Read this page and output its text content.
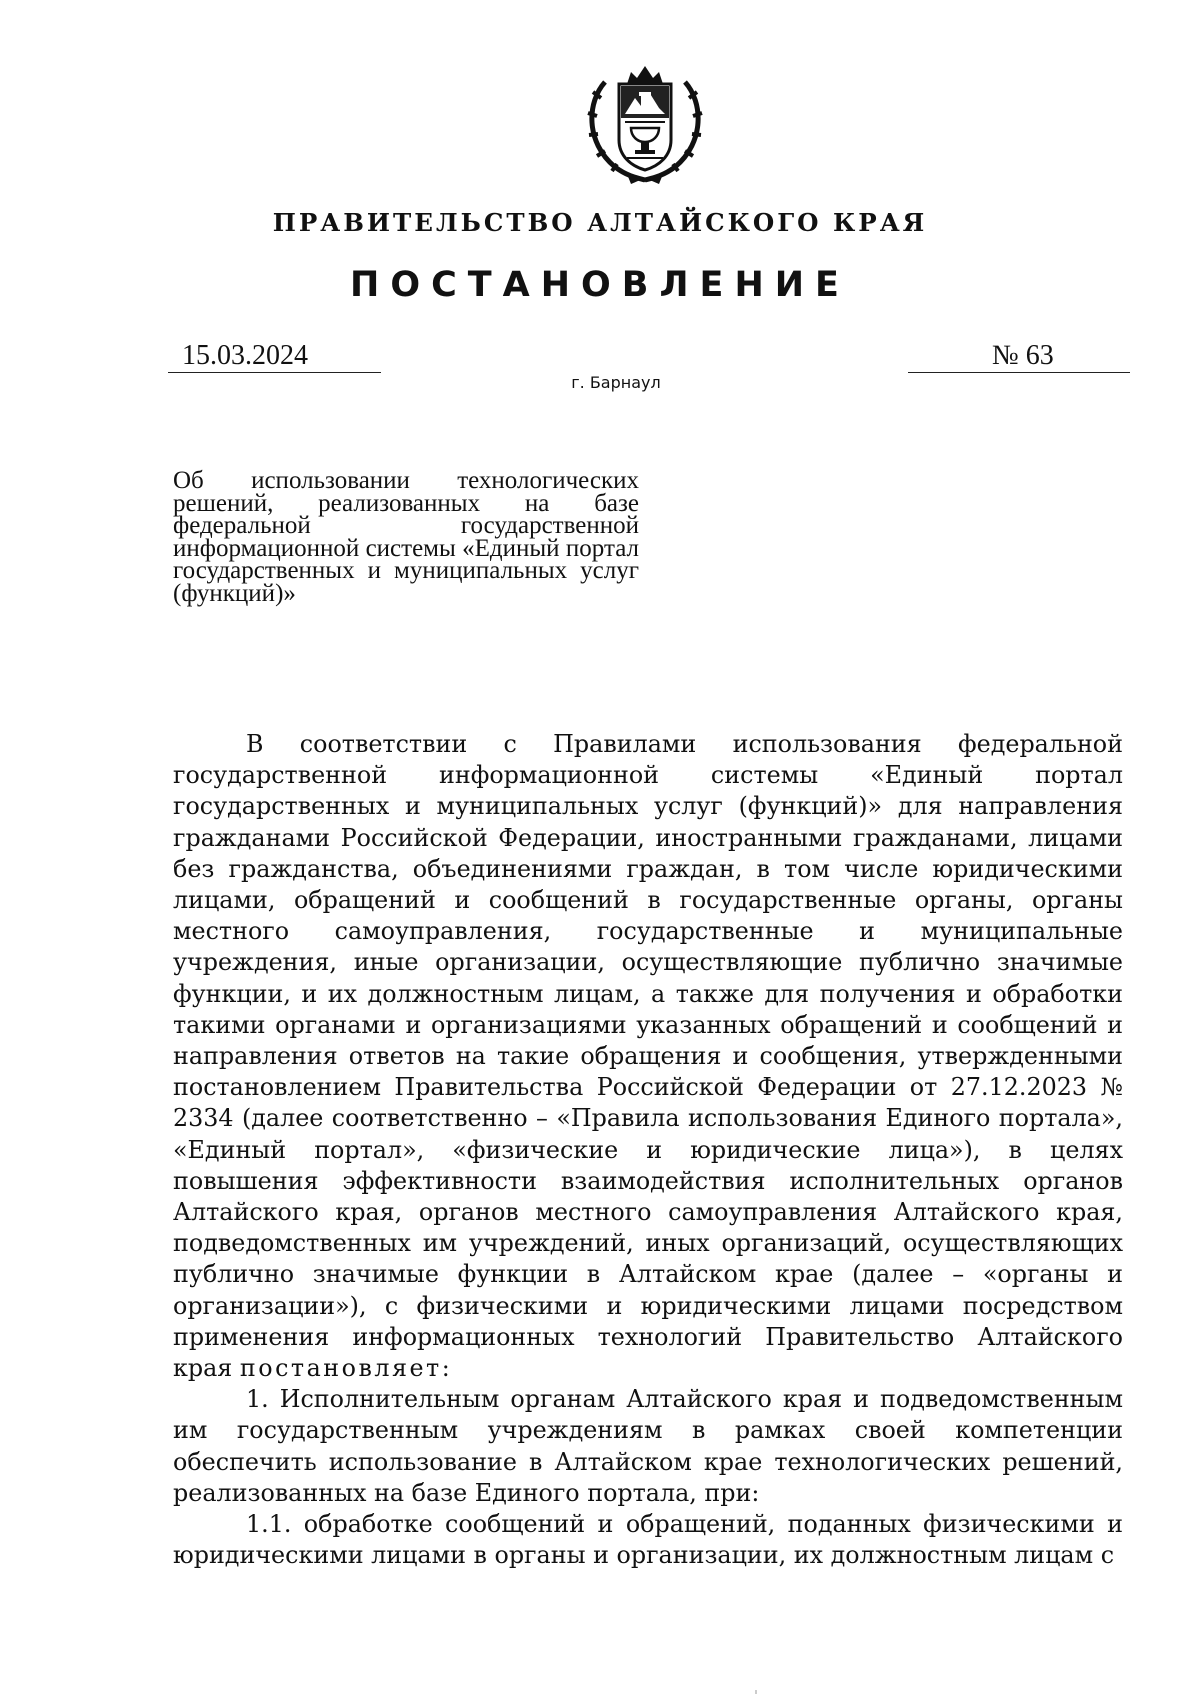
ПРАВИТЕЛЬСТВО АЛТАЙСКОГО КРАЯ
ПОСТАНОВЛЕНИЕ
15.03.2024	№ 63
г. Барнаул
Об использовании технологических решений, реализованных на базе федеральной государственной информационной системы «Единый портал государственных и муниципальных услуг (функций)»

В соответствии с Правилами использования федеральной государственной информационной системы «Единый портал государственных и муниципальных услуг (функций)» для направления гражданами Российской Федерации, иностранными гражданами, лицами без гражданства, объединениями граждан, в том числе юридическими лицами, обращений и сообщений в государственные органы, органы местного самоуправления, государственные и муниципальные учреждения, иные организации, осуществляющие публично значимые функции, и их должностным лицам, а также для получения и обработки такими органами и организациями указанных обращений и сообщений и направления ответов на такие обращения и сообщения, утвержденными постановлением Правительства Российской Федерации от 27.12.2023 № 2334 (далее соответственно – «Правила использования Единого портала», «Единый портал», «физические и юридические лица»), в целях повышения эффективности взаимодействия исполнительных органов Алтайского края, органов местного самоуправления Алтайского края, подведомственных им учреждений, иных организаций, осуществляющих публично значимые функции в Алтайском крае (далее – «органы и организации»), с физическими и юридическими лицами посредством применения информационных технологий Правительство Алтайского края постановляет:

1. Исполнительным органам Алтайского края и подведомственным им государственным учреждениям в рамках своей компетенции обеспечить использование в Алтайском крае технологических решений, реализованных на базе Единого портала, при:

1.1. обработке сообщений и обращений, поданных физическими и юридическими лицами в органы и организации, их должностным лицам с
